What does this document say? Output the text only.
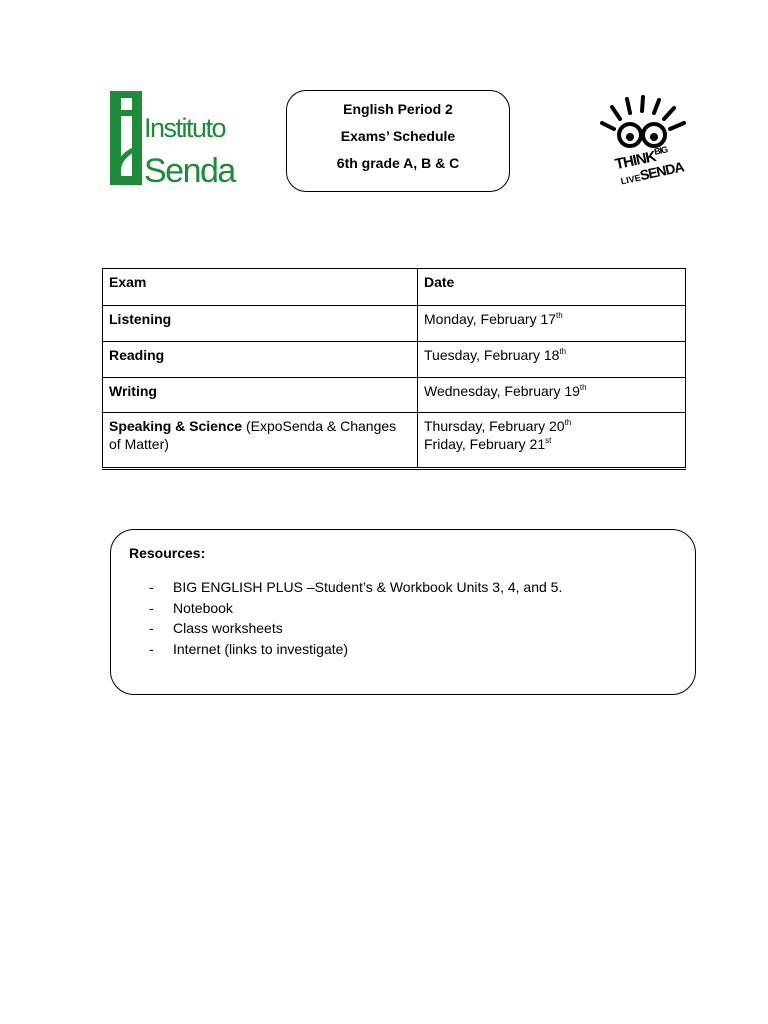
Instituto
Senda
English Period 2
Exams’ Schedule
6th grade A, B & C	$THINK^{BIG}$
LIVESENDA
Exam	Date
Listening	Monday, February 17th
Reading	Tuesday, February 18th
Writing	Wednesday, February 19th
Speaking & Science (ExpoSenda & Changes of Matter)	Thursday, February 20th
Friday, February 21st
Resources:
- BIG ENGLISH PLUS –Student’s & Workbook Units 3, 4, and 5.
- Notebook
- Class worksheets
- Internet (links to investigate)
